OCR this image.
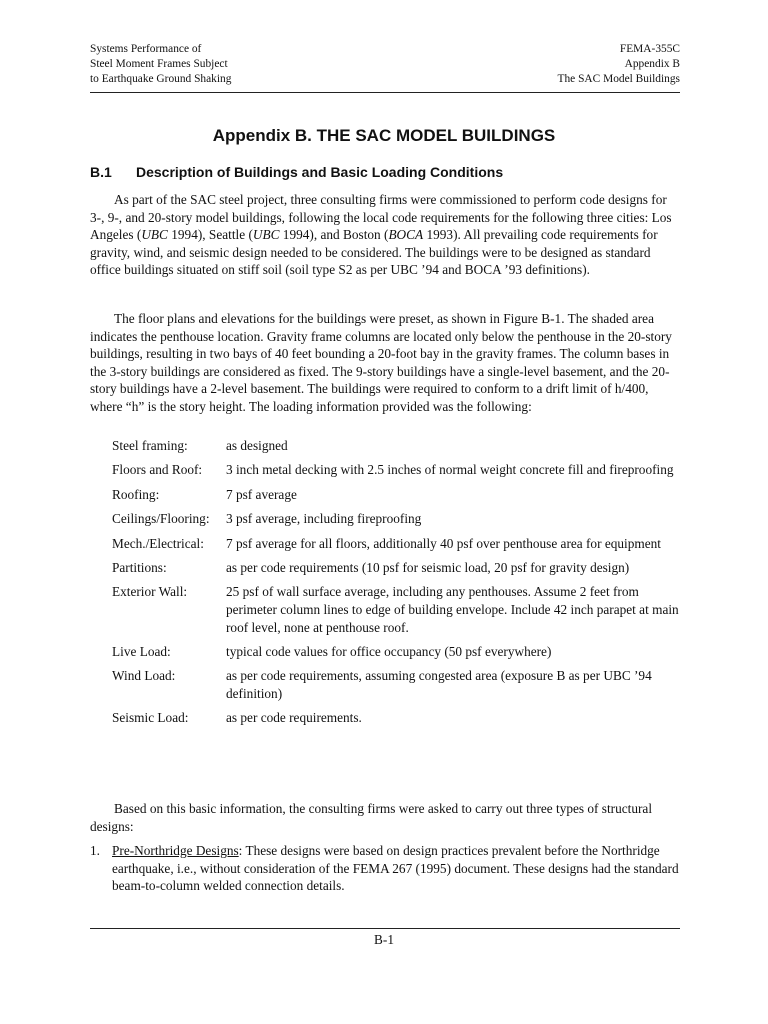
Systems Performance of
Steel Moment Frames Subject
to Earthquake Ground Shaking
FEMA-355C
Appendix B
The SAC Model Buildings
Appendix B. THE SAC MODEL BUILDINGS
B.1	Description of Buildings and Basic Loading Conditions
As part of the SAC steel project, three consulting firms were commissioned to perform code designs for 3-, 9-, and 20-story model buildings, following the local code requirements for the following three cities: Los Angeles (UBC 1994), Seattle (UBC 1994), and Boston (BOCA 1993). All prevailing code requirements for gravity, wind, and seismic design needed to be considered. The buildings were to be designed as standard office buildings situated on stiff soil (soil type S2 as per UBC ’94 and BOCA ’93 definitions).
The floor plans and elevations for the buildings were preset, as shown in Figure B-1. The shaded area indicates the penthouse location. Gravity frame columns are located only below the penthouse in the 20-story buildings, resulting in two bays of 40 feet bounding a 20-foot bay in the gravity frames. The column bases in the 3-story buildings are considered as fixed. The 9-story buildings have a single-level basement, and the 20-story buildings have a 2-level basement. The buildings were required to conform to a drift limit of h/400, where “h” is the story height. The loading information provided was the following:
Steel framing:	as designed
Floors and Roof:	3 inch metal decking with 2.5 inches of normal weight concrete fill and fireproofing
Roofing:	7 psf average
Ceilings/Flooring:	3 psf average, including fireproofing
Mech./Electrical:	7 psf average for all floors, additionally 40 psf over penthouse area for equipment
Partitions:	as per code requirements (10 psf for seismic load, 20 psf for gravity design)
Exterior Wall:	25 psf of wall surface average, including any penthouses. Assume 2 feet from perimeter column lines to edge of building envelope. Include 42 inch parapet at main roof level, none at penthouse roof.
Live Load:	typical code values for office occupancy (50 psf everywhere)
Wind Load:	as per code requirements, assuming congested area (exposure B as per UBC ’94 definition)
Seismic Load:	as per code requirements.
Based on this basic information, the consulting firms were asked to carry out three types of structural designs:
1. Pre-Northridge Designs: These designs were based on design practices prevalent before the Northridge earthquake, i.e., without consideration of the FEMA 267 (1995) document. These designs had the standard beam-to-column welded connection details.
B-1
